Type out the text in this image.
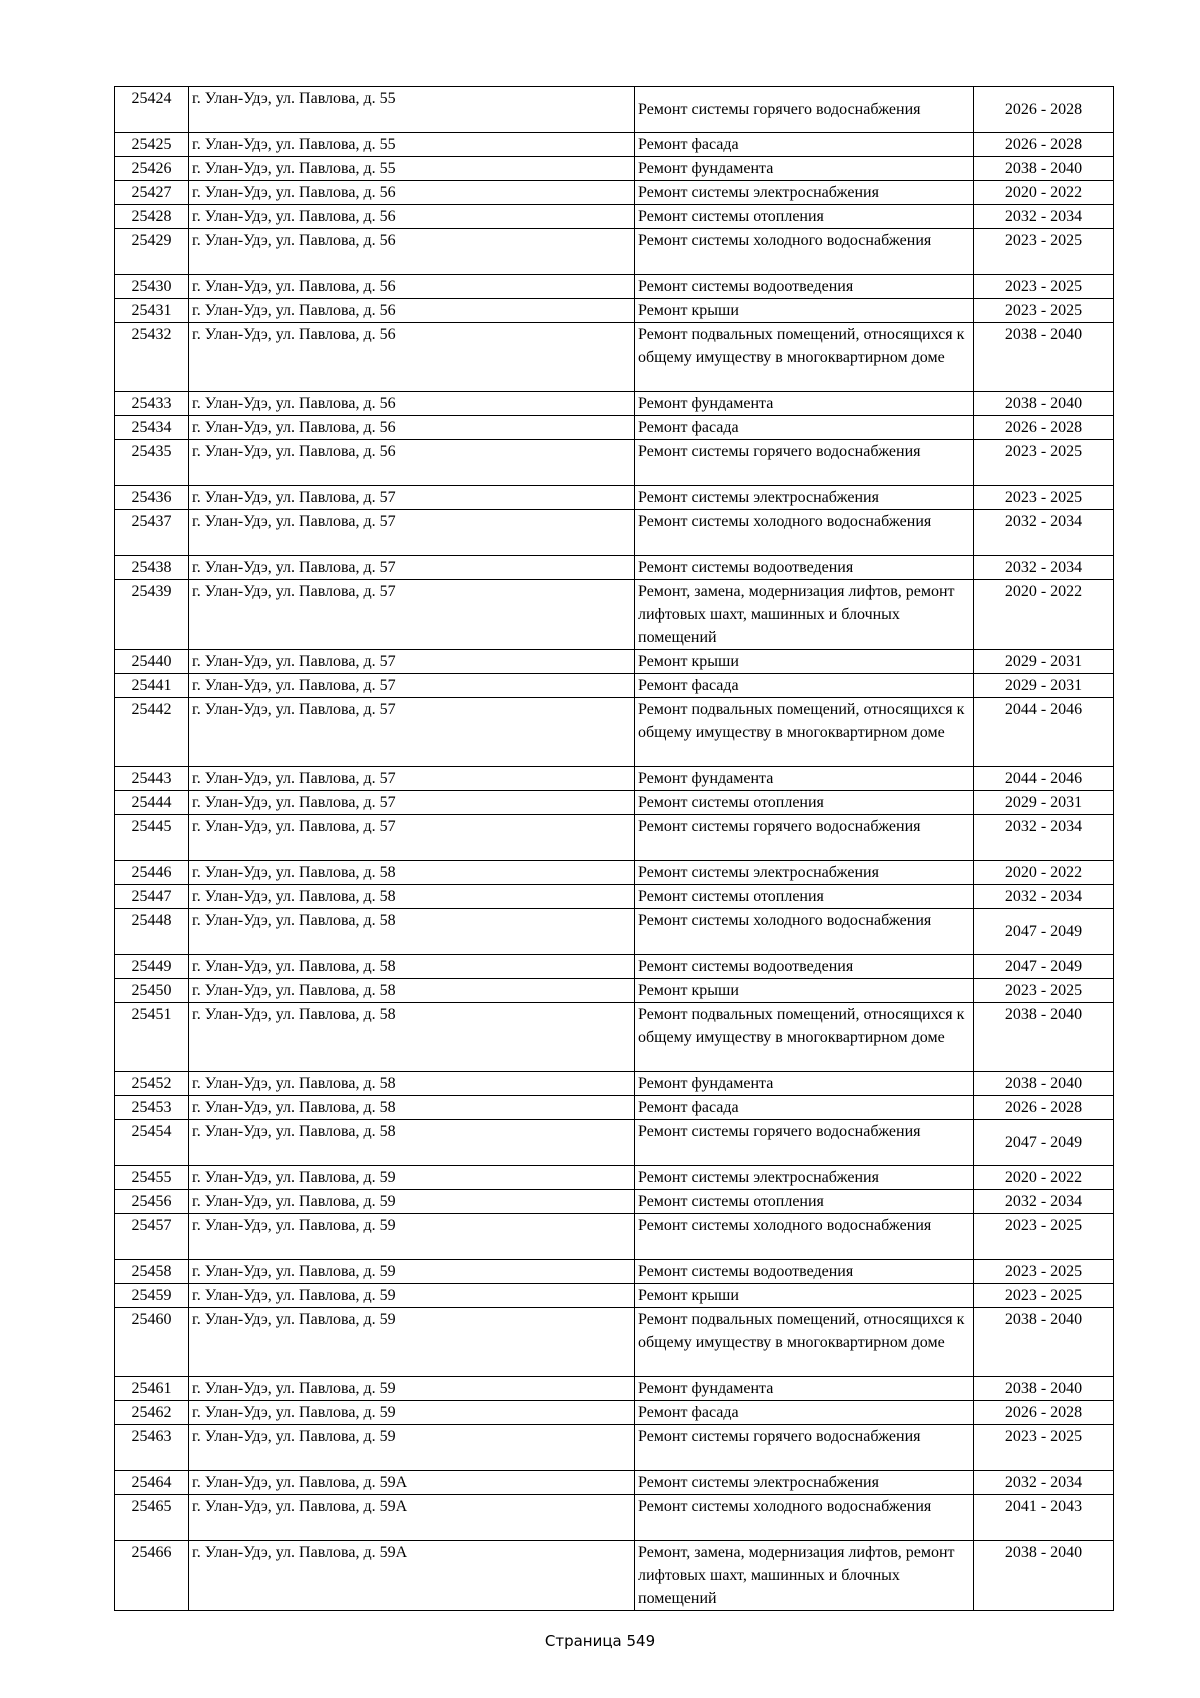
25424	г. Улан-Удэ, ул. Павлова, д. 55	Ремонт системы горячего водоснабжения	2026 - 2028
25425	г. Улан-Удэ, ул. Павлова, д. 55	Ремонт фасада	2026 - 2028
25426	г. Улан-Удэ, ул. Павлова, д. 55	Ремонт фундамента	2038 - 2040
25427	г. Улан-Удэ, ул. Павлова, д. 56	Ремонт системы электроснабжения	2020 - 2022
25428	г. Улан-Удэ, ул. Павлова, д. 56	Ремонт системы отопления	2032 - 2034
25429	г. Улан-Удэ, ул. Павлова, д. 56	Ремонт системы холодного водоснабжения	2023 - 2025
25430	г. Улан-Удэ, ул. Павлова, д. 56	Ремонт системы водоотведения	2023 - 2025
25431	г. Улан-Удэ, ул. Павлова, д. 56	Ремонт крыши	2023 - 2025
25432	г. Улан-Удэ, ул. Павлова, д. 56	Ремонт подвальных помещений, относящихся к общему имуществу в многоквартирном доме	2038 - 2040
25433	г. Улан-Удэ, ул. Павлова, д. 56	Ремонт фундамента	2038 - 2040
25434	г. Улан-Удэ, ул. Павлова, д. 56	Ремонт фасада	2026 - 2028
25435	г. Улан-Удэ, ул. Павлова, д. 56	Ремонт системы горячего водоснабжения	2023 - 2025
25436	г. Улан-Удэ, ул. Павлова, д. 57	Ремонт системы электроснабжения	2023 - 2025
25437	г. Улан-Удэ, ул. Павлова, д. 57	Ремонт системы холодного водоснабжения	2032 - 2034
25438	г. Улан-Удэ, ул. Павлова, д. 57	Ремонт системы водоотведения	2032 - 2034
25439	г. Улан-Удэ, ул. Павлова, д. 57	Ремонт, замена, модернизация лифтов, ремонт лифтовых шахт, машинных и блочных помещений	2020 - 2022
25440	г. Улан-Удэ, ул. Павлова, д. 57	Ремонт крыши	2029 - 2031
25441	г. Улан-Удэ, ул. Павлова, д. 57	Ремонт фасада	2029 - 2031
25442	г. Улан-Удэ, ул. Павлова, д. 57	Ремонт подвальных помещений, относящихся к общему имуществу в многоквартирном доме	2044 - 2046
25443	г. Улан-Удэ, ул. Павлова, д. 57	Ремонт фундамента	2044 - 2046
25444	г. Улан-Удэ, ул. Павлова, д. 57	Ремонт системы отопления	2029 - 2031
25445	г. Улан-Удэ, ул. Павлова, д. 57	Ремонт системы горячего водоснабжения	2032 - 2034
25446	г. Улан-Удэ, ул. Павлова, д. 58	Ремонт системы электроснабжения	2020 - 2022
25447	г. Улан-Удэ, ул. Павлова, д. 58	Ремонт системы отопления	2032 - 2034
25448	г. Улан-Удэ, ул. Павлова, д. 58	Ремонт системы холодного водоснабжения	2047 - 2049
25449	г. Улан-Удэ, ул. Павлова, д. 58	Ремонт системы водоотведения	2047 - 2049
25450	г. Улан-Удэ, ул. Павлова, д. 58	Ремонт крыши	2023 - 2025
25451	г. Улан-Удэ, ул. Павлова, д. 58	Ремонт подвальных помещений, относящихся к общему имуществу в многоквартирном доме	2038 - 2040
25452	г. Улан-Удэ, ул. Павлова, д. 58	Ремонт фундамента	2038 - 2040
25453	г. Улан-Удэ, ул. Павлова, д. 58	Ремонт фасада	2026 - 2028
25454	г. Улан-Удэ, ул. Павлова, д. 58	Ремонт системы горячего водоснабжения	2047 - 2049
25455	г. Улан-Удэ, ул. Павлова, д. 59	Ремонт системы электроснабжения	2020 - 2022
25456	г. Улан-Удэ, ул. Павлова, д. 59	Ремонт системы отопления	2032 - 2034
25457	г. Улан-Удэ, ул. Павлова, д. 59	Ремонт системы холодного водоснабжения	2023 - 2025
25458	г. Улан-Удэ, ул. Павлова, д. 59	Ремонт системы водоотведения	2023 - 2025
25459	г. Улан-Удэ, ул. Павлова, д. 59	Ремонт крыши	2023 - 2025
25460	г. Улан-Удэ, ул. Павлова, д. 59	Ремонт подвальных помещений, относящихся к общему имуществу в многоквартирном доме	2038 - 2040
25461	г. Улан-Удэ, ул. Павлова, д. 59	Ремонт фундамента	2038 - 2040
25462	г. Улан-Удэ, ул. Павлова, д. 59	Ремонт фасада	2026 - 2028
25463	г. Улан-Удэ, ул. Павлова, д. 59	Ремонт системы горячего водоснабжения	2023 - 2025
25464	г. Улан-Удэ, ул. Павлова, д. 59А	Ремонт системы электроснабжения	2032 - 2034
25465	г. Улан-Удэ, ул. Павлова, д. 59А	Ремонт системы холодного водоснабжения	2041 - 2043
25466	г. Улан-Удэ, ул. Павлова, д. 59А	Ремонт, замена, модернизация лифтов, ремонт лифтовых шахт, машинных и блочных помещений	2038 - 2040
Страница 549
